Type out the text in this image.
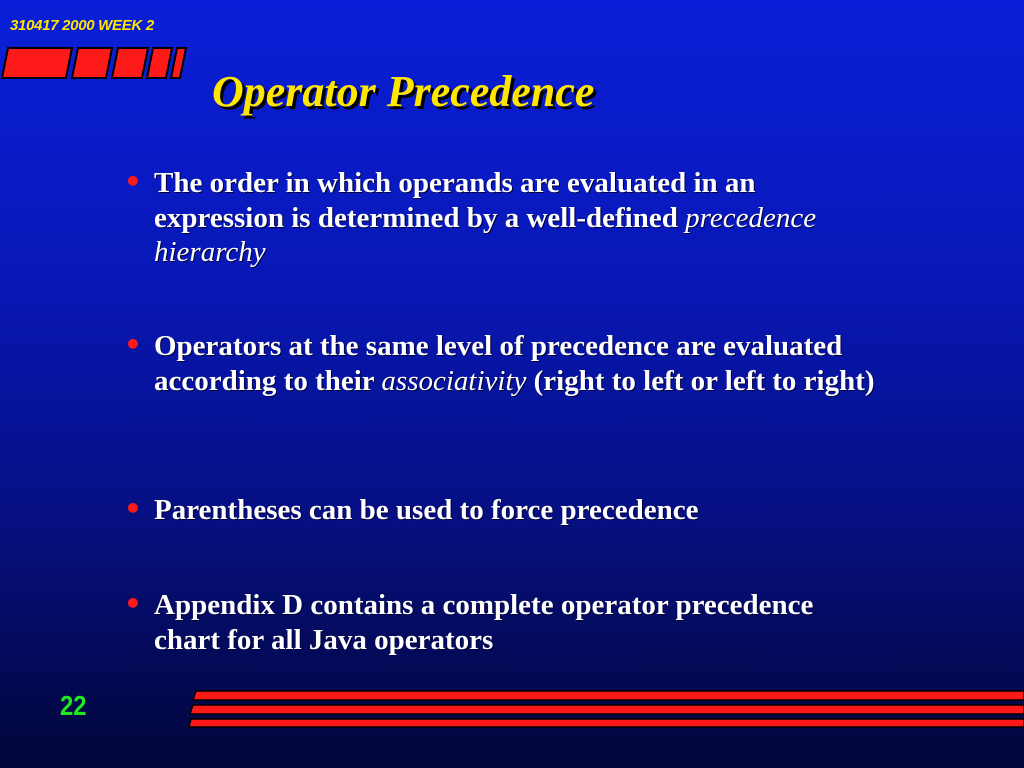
310417 2000 WEEK 2
Operator Precedence
• The order in which operands are evaluated in an expression is determined by a well-defined precedence hierarchy
• Operators at the same level of precedence are evaluated according to their associativity (right to left or left to right)
• Parentheses can be used to force precedence
• Appendix D contains a complete operator precedence chart for all Java operators
22
